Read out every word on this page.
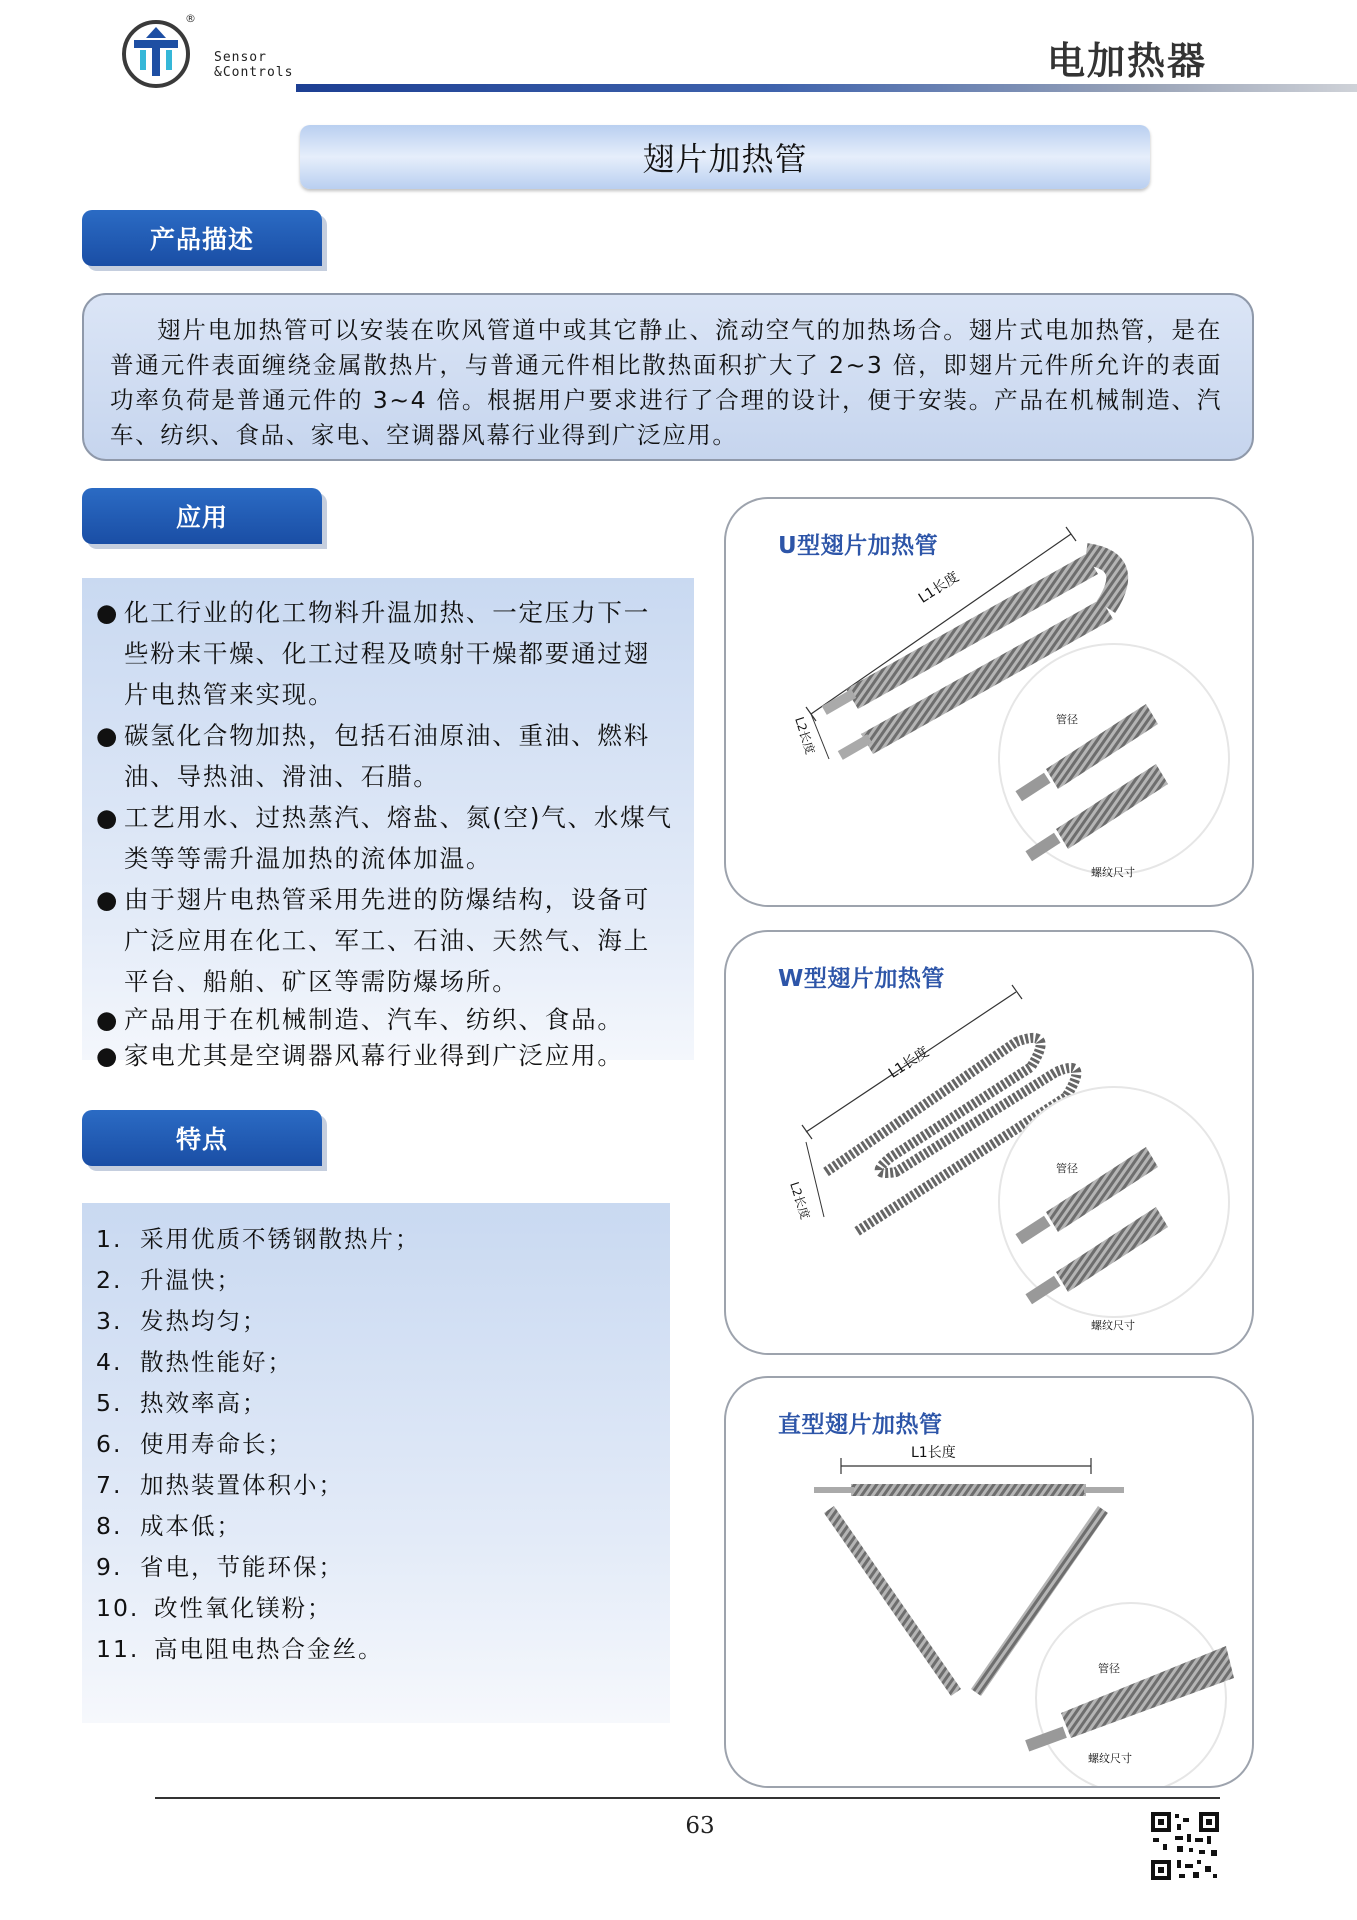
®
Sensor
&Controls	电加热器
翅片加热管
产品描述
翅片电加热管可以安装在吹风管道中或其它静止、流动空气的加热场合。翅片式电加热管，是在普通元件表面缠绕金属散热片，与普通元件相比散热面积扩大了 2~3 倍，即翅片元件所允许的表面功率负荷是普通元件的 3~4 倍。根据用户要求进行了合理的设计，便于安装。产品在机械制造、汽车、纺织、食品、家电、空调器风幕行业得到广泛应用。
应用
● 化工行业的化工物料升温加热、一定压力下一些粉末干燥、化工过程及喷射干燥都要通过翅片电热管来实现。
● 碳氢化合物加热，包括石油原油、重油、燃料油、导热油、滑油、石腊。
● 工艺用水、过热蒸汽、熔盐、氮(空)气、水煤气类等等需升温加热的流体加温。
● 由于翅片电热管采用先进的防爆结构，设备可广泛应用在化工、军工、石油、天然气、海上平台、船舶、矿区等需防爆场所。
● 产品用于在机械制造、汽车、纺织、食品。
● 家电尤其是空调器风幕行业得到广泛应用。
特点
1. 采用优质不锈钢散热片；
2. 升温快；
3. 发热均匀；
4. 散热性能好；
5. 热效率高；
6. 使用寿命长；
7. 加热装置体积小；
8. 成本低；
9. 省电，节能环保；
10. 改性氧化镁粉；
11. 高电阻电热合金丝。
U型翅片加热管
L1长度
L2长度	管径
螺纹尺寸
W型翅片加热管
L1长度
L2长度
管径
螺纹尺寸
直型翅片加热管
L1长度
管径
螺纹尺寸
63
